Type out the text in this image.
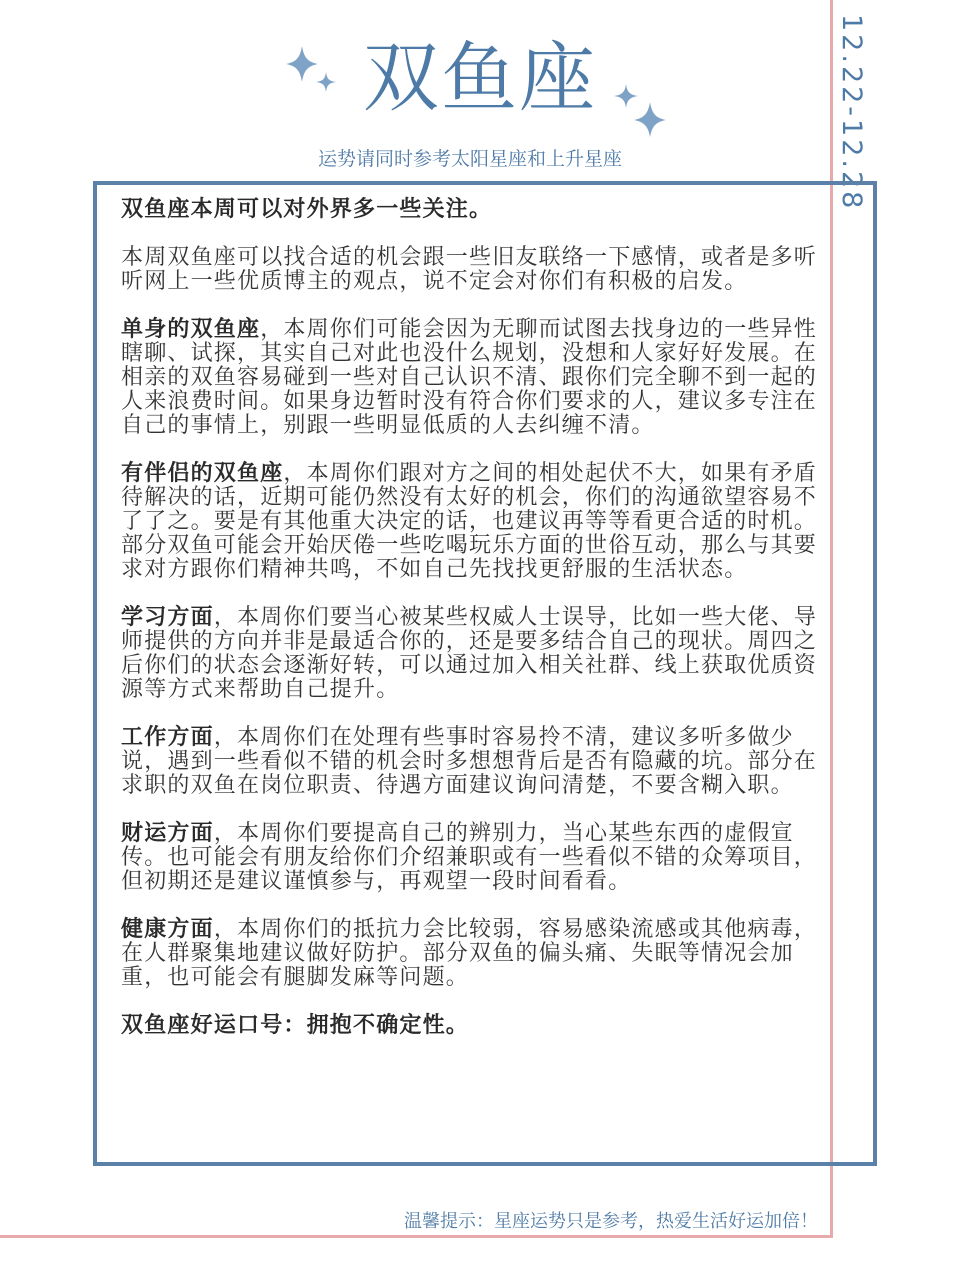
12.22-12.28
双鱼座
运势请同时参考太阳星座和上升星座

双鱼座本周可以对外界多一些关注。

本周双鱼座可以找合适的机会跟一些旧友联络一下感情，或者是多听听网上一些优质博主的观点，说不定会对你们有积极的启发。

单身的双鱼座，本周你们可能会因为无聊而试图去找身边的一些异性瞎聊、试探，其实自己对此也没什么规划，没想和人家好好发展。在相亲的双鱼容易碰到一些对自己认识不清、跟你们完全聊不到一起的人来浪费时间。如果身边暂时没有符合你们要求的人，建议多专注在自己的事情上，别跟一些明显低质的人去纠缠不清。

有伴侣的双鱼座，本周你们跟对方之间的相处起伏不大，如果有矛盾待解决的话，近期可能仍然没有太好的机会，你们的沟通欲望容易不了了之。要是有其他重大决定的话，也建议再等等看更合适的时机。部分双鱼可能会开始厌倦一些吃喝玩乐方面的世俗互动，那么与其要求对方跟你们精神共鸣，不如自己先找找更舒服的生活状态。

学习方面，本周你们要当心被某些权威人士误导，比如一些大佬、导师提供的方向并非是最适合你的，还是要多结合自己的现状。周四之后你们的状态会逐渐好转，可以通过加入相关社群、线上获取优质资源等方式来帮助自己提升。

工作方面，本周你们在处理有些事时容易拎不清，建议多听多做少说，遇到一些看似不错的机会时多想想背后是否有隐藏的坑。部分在求职的双鱼在岗位职责、待遇方面建议询问清楚，不要含糊入职。

财运方面，本周你们要提高自己的辨别力，当心某些东西的虚假宣传。也可能会有朋友给你们介绍兼职或有一些看似不错的众筹项目，但初期还是建议谨慎参与，再观望一段时间看看。

健康方面，本周你们的抵抗力会比较弱，容易感染流感或其他病毒，在人群聚集地建议做好防护。部分双鱼的偏头痛、失眠等情况会加重，也可能会有腿脚发麻等问题。

双鱼座好运口号：拥抱不确定性。

温馨提示：星座运势只是参考，热爱生活好运加倍！
